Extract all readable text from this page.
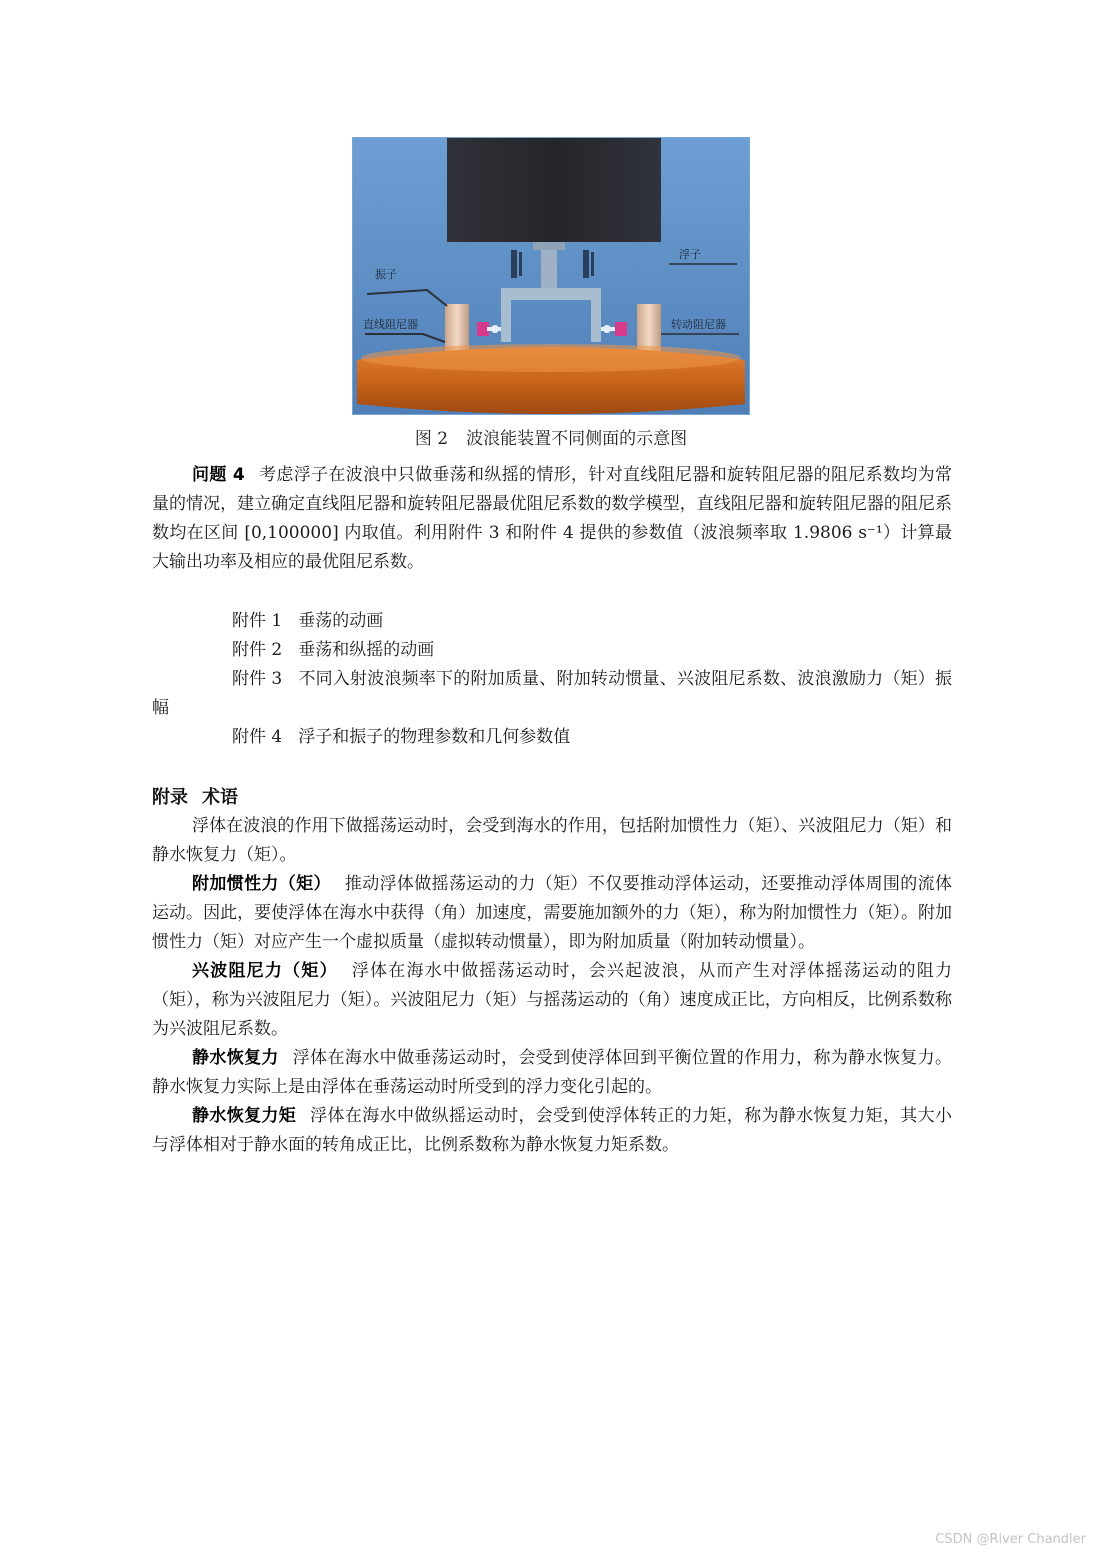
振子
直线阻尼器
浮子
转动阻尼器
图 2 波浪能装置不同侧面的示意图
问题 4 考虑浮子在波浪中只做垂荡和纵摇的情形，针对直线阻尼器和旋转阻尼器的阻尼系数均为常量的情况，建立确定直线阻尼器和旋转阻尼器最优阻尼系数的数学模型，直线阻尼器和旋转阻尼器的阻尼系数均在区间 [0,100000] 内取值。利用附件 3 和附件 4 提供的参数值（波浪频率取 1.9806 s⁻¹）计算最大输出功率及相应的最优阻尼系数。

附件 1 垂荡的动画

附件 2 垂荡和纵摇的动画

附件 3 不同入射波浪频率下的附加质量、附加转动惯量、兴波阻尼系数、波浪激励力（矩）振幅

附件 4 浮子和振子的物理参数和几何参数值

附录 术语

浮体在波浪的作用下做摇荡运动时，会受到海水的作用，包括附加惯性力（矩）、兴波阻尼力（矩）和静水恢复力（矩）。

附加惯性力（矩） 推动浮体做摇荡运动的力（矩）不仅要推动浮体运动，还要推动浮体周围的流体运动。因此，要使浮体在海水中获得（角）加速度，需要施加额外的力（矩），称为附加惯性力（矩）。附加惯性力（矩）对应产生一个虚拟质量（虚拟转动惯量），即为附加质量（附加转动惯量）。

兴波阻尼力（矩） 浮体在海水中做摇荡运动时，会兴起波浪，从而产生对浮体摇荡运动的阻力（矩），称为兴波阻尼力（矩）。兴波阻尼力（矩）与摇荡运动的（角）速度成正比，方向相反，比例系数称为兴波阻尼系数。

静水恢复力 浮体在海水中做垂荡运动时，会受到使浮体回到平衡位置的作用力，称为静水恢复力。静水恢复力实际上是由浮体在垂荡运动时所受到的浮力变化引起的。

静水恢复力矩 浮体在海水中做纵摇运动时，会受到使浮体转正的力矩，称为静水恢复力矩，其大小与浮体相对于静水面的转角成正比，比例系数称为静水恢复力矩系数。

CSDN @River Chandler
